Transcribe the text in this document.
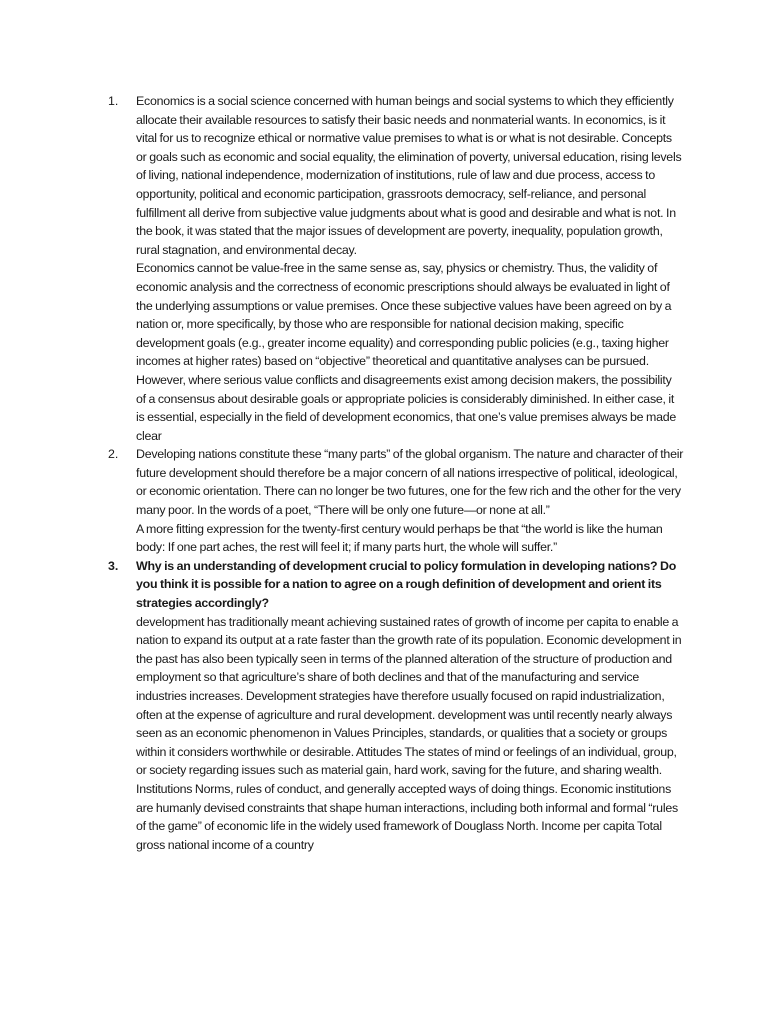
1. Economics is a social science concerned with human beings and social systems to which they efficiently allocate their available resources to satisfy their basic needs and nonmaterial wants. In economics, is it vital for us to recognize ethical or normative value premises to what is or what is not desirable. Concepts or goals such as economic and social equality, the elimination of poverty, universal education, rising levels of living, national independence, modernization of institutions, rule of law and due process, access to opportunity, political and economic participation, grassroots democracy, self-reliance, and personal fulfillment all derive from subjective value judgments about what is good and desirable and what is not. In the book, it was stated that the major issues of development are poverty, inequality, population growth, rural stagnation, and environmental decay.

Economics cannot be value-free in the same sense as, say, physics or chemistry. Thus, the validity of economic analysis and the correctness of economic prescriptions should always be evaluated in light of the underlying assumptions or value premises. Once these subjective values have been agreed on by a nation or, more specifically, by those who are responsible for national decision making, specific development goals (e.g., greater income equality) and corresponding public policies (e.g., taxing higher incomes at higher rates) based on “objective” theoretical and quantitative analyses can be pursued. However, where serious value conflicts and disagreements exist among decision makers, the possibility of a consensus about desirable goals or appropriate policies is considerably diminished. In either case, it is essential, especially in the field of development economics, that one’s value premises always be made clear

2. Developing nations constitute these “many parts” of the global organism. The nature and character of their future development should therefore be a major concern of all nations irrespective of political, ideological, or economic orientation. There can no longer be two futures, one for the few rich and the other for the very many poor. In the words of a poet, “There will be only one future—or none at all.”

A more fitting expression for the twenty-first century would perhaps be that “the world is like the human body: If one part aches, the rest will feel it; if many parts hurt, the whole will suffer.”

3. Why is an understanding of development crucial to policy formulation in developing nations? Do you think it is possible for a nation to agree on a rough definition of development and orient its strategies accordingly?

development has traditionally meant achieving sustained rates of growth of income per capita to enable a nation to expand its output at a rate faster than the growth rate of its population. Economic development in the past has also been typically seen in terms of the planned alteration of the structure of production and employment so that agriculture’s share of both declines and that of the manufacturing and service industries increases. Development strategies have therefore usually focused on rapid industrialization, often at the expense of agriculture and rural development. development was until recently nearly always seen as an economic phenomenon in Values Principles, standards, or qualities that a society or groups within it considers worthwhile or desirable. Attitudes The states of mind or feelings of an individual, group, or society regarding issues such as material gain, hard work, saving for the future, and sharing wealth. Institutions Norms, rules of conduct, and generally accepted ways of doing things. Economic institutions are humanly devised constraints that shape human interactions, including both informal and formal “rules of the game” of economic life in the widely used framework of Douglass North. Income per capita Total gross national income of a country
